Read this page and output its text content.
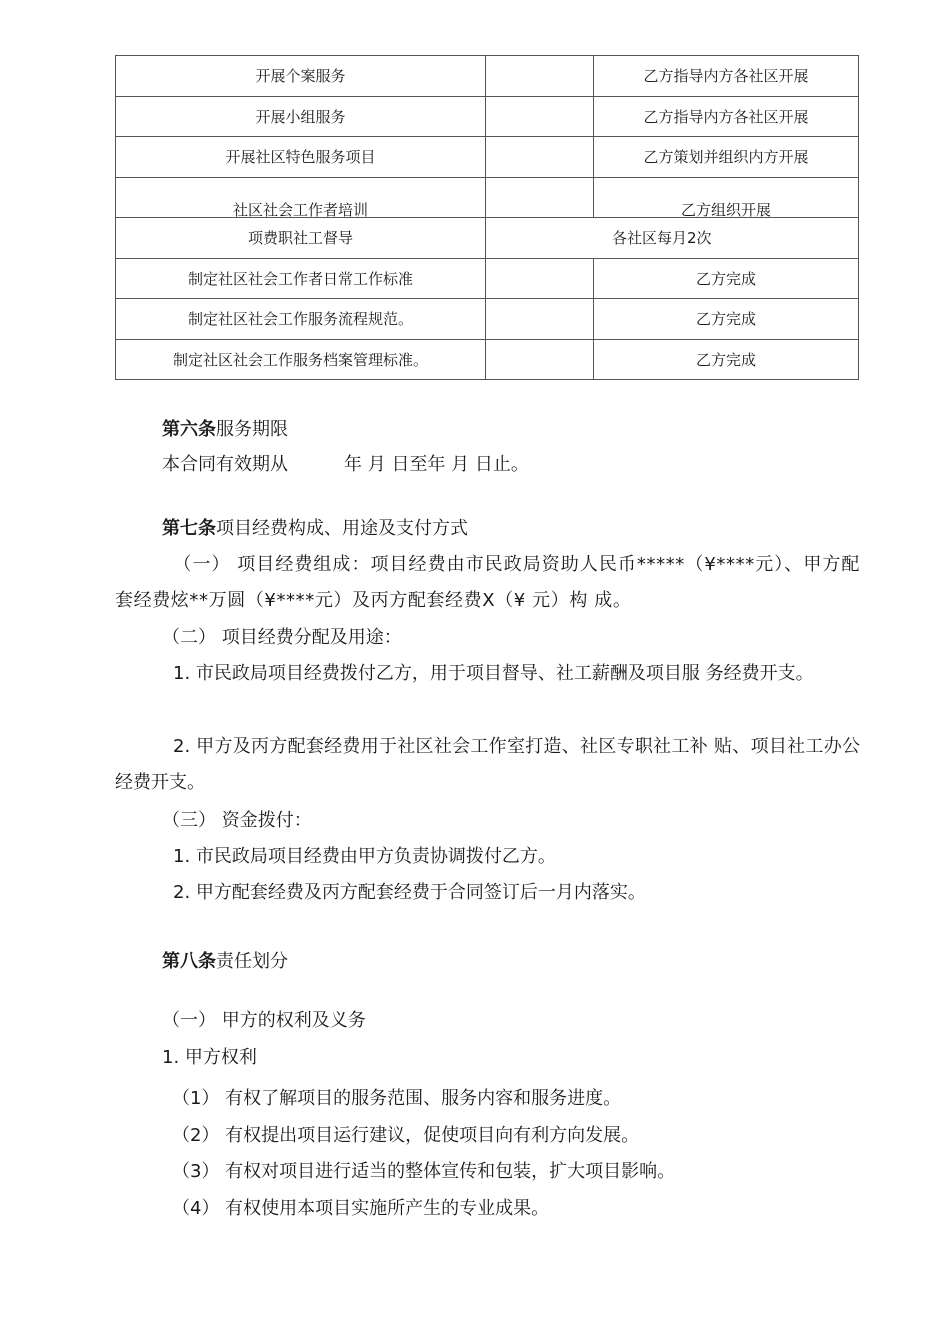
开展个案服务		乙方指导内方各社区开展
开展小组服务		乙方指导内方各社区开展
开展社区特色服务项目		乙方策划并组织内方开展
社区社会工作者培训		乙方组织开展
项费职社工督导	各社区每月2次	
制定社区社会工作者日常工作标准		乙方完成
制定社区社会工作服务流程规范。		乙方完成
制定社区社会工作服务档案管理标准。		乙方完成
第六条服务期限
本合同有效期从	年 月 日至年 月 日止。
第七条项目经费构成、用途及支付方式
（一） 项目经费组成：项目经费由市民政局资助人民币*****（¥****元）、甲方配套经费炫**万圆（¥****元）及丙方配套经费X（¥ 元）构 成。
（二） 项目经费分配及用途：
1. 市民政局项目经费拨付乙方，用于项目督导、社工薪酬及项目服 务经费开支。
2. 甲方及丙方配套经费用于社区社会工作室打造、社区专职社工补 贴、项目社工办公经费开支。
（三） 资金拨付：
1. 市民政局项目经费由甲方负责协调拨付乙方。
2. 甲方配套经费及丙方配套经费于合同签订后一月内落实。
第八条责任划分
（一） 甲方的权利及义务
1. 甲方权利
（1） 有权了解项目的服务范围、服务内容和服务进度。
（2） 有权提出项目运行建议，促使项目向有利方向发展。
（3） 有权对项目进行适当的整体宣传和包装，扩大项目影响。
（4） 有权使用本项目实施所产生的专业成果。
